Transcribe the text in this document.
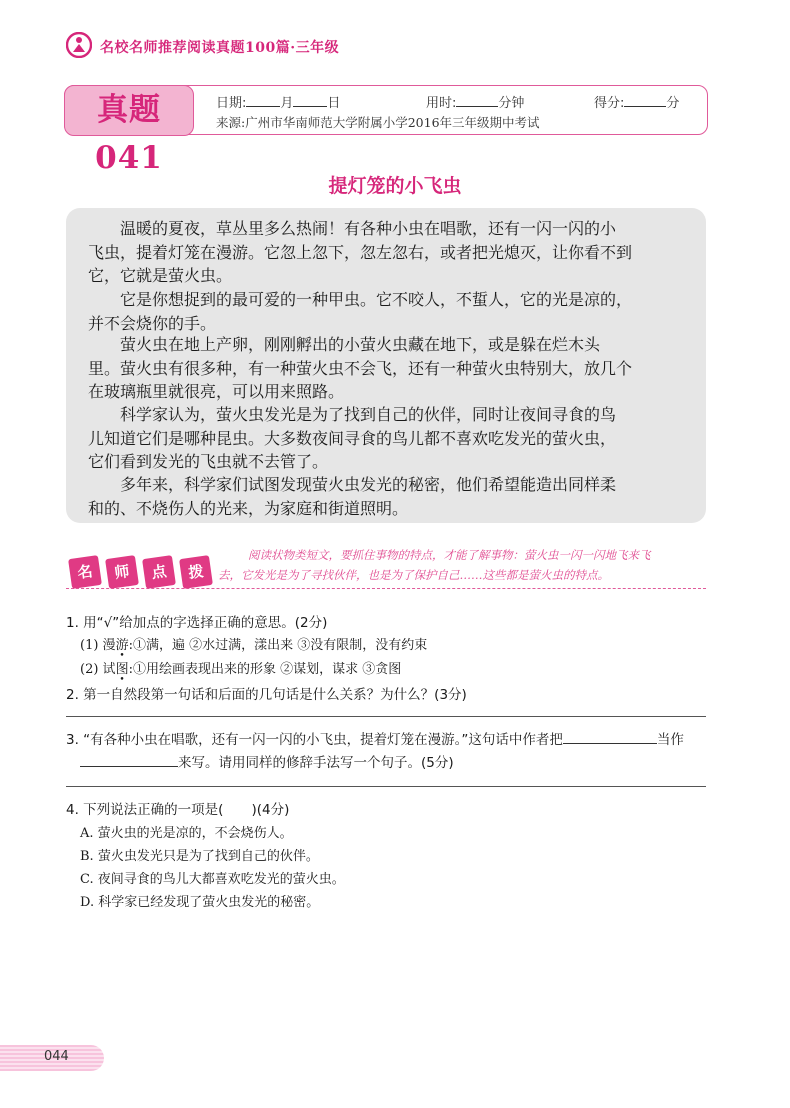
名校名师推荐阅读真题100篇·三年级
真题041
日期:	月	日	用时:	分钟	得分:	分
来源:广州市华南师范大学附属小学2016年三年级期中考试
提灯笼的小飞虫
温暖的夏夜，草丛里多么热闹！有各种小虫在唱歌，还有一闪一闪的小
飞虫，提着灯笼在漫游。它忽上忽下，忽左忽右，或者把光熄灭，让你看不到
它，它就是萤火虫。
它是你想捉到的最可爱的一种甲虫。它不咬人，不蜇人，它的光是凉的，
并不会烧你的手。
萤火虫在地上产卵，刚刚孵出的小萤火虫藏在地下，或是躲在烂木头
里。萤火虫有很多种，有一种萤火虫不会飞，还有一种萤火虫特别大，放几个
在玻璃瓶里就很亮，可以用来照路。
科学家认为，萤火虫发光是为了找到自己的伙伴，同时让夜间寻食的鸟
儿知道它们是哪种昆虫。大多数夜间寻食的鸟儿都不喜欢吃发光的萤火虫，
它们看到发光的飞虫就不去管了。
多年来，科学家们试图发现萤火虫发光的秘密，他们希望能造出同样柔
和的、不烧伤人的光来，为家庭和街道照明。
名	师	点	拨
阅读状物类短文，要抓住事物的特点，才能了解事物：萤火虫一闪一闪地飞来飞
去，它发光是为了寻找伙伴，也是为了保护自己……这些都是萤火虫的特点。
1. 用“√”给加点的字选择正确的意思。(2分)
(1) 漫游:①满，遍 ②水过满，漾出来 ③没有限制，没有约束
(2) 试图:①用绘画表现出来的形象 ②谋划，谋求 ③贪图
2. 第一自然段第一句话和后面的几句话是什么关系？为什么？(3分)
3. “有各种小虫在唱歌，还有一闪一闪的小飞虫，提着灯笼在漫游。”这句话中作者把	当作
来写。请用同样的修辞手法写一个句子。(5分)
4. 下列说法正确的一项是( )(4分)
A. 萤火虫的光是凉的，不会烧伤人。
B. 萤火虫发光只是为了找到自己的伙伴。
C. 夜间寻食的鸟儿大都喜欢吃发光的萤火虫。
D. 科学家已经发现了萤火虫发光的秘密。
044
